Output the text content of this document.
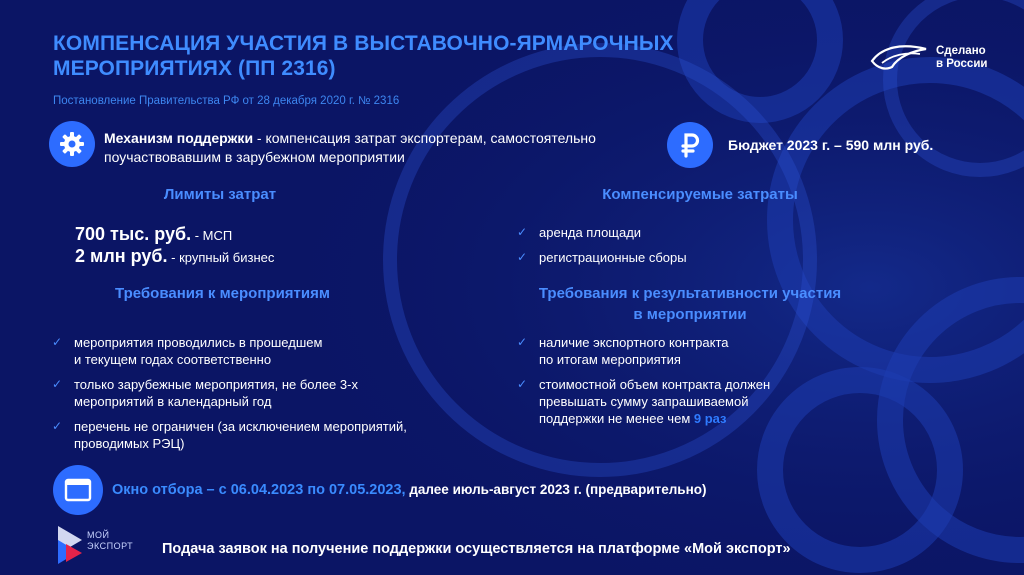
КОМПЕНСАЦИЯ УЧАСТИЯ В ВЫСТАВОЧНО-ЯРМАРОЧНЫХ МЕРОПРИЯТИЯХ (ПП 2316)
Постановление Правительства РФ от 28 декабря 2020 г. № 2316
Сделано
в России
Механизм поддержки - компенсация затрат экспортерам, самостоятельно поучаствовавшим в зарубежном мероприятии
Бюджет 2023 г. – 590 млн руб.
Лимиты затрат
700 тыс. руб. - МСП
2 млн руб. - крупный бизнес
Компенсируемые затраты
✓ аренда площади
✓ регистрационные сборы
Требования к мероприятиям
✓ мероприятия проводились в прошедшем
и текущем годах соответственно
✓ только зарубежные мероприятия, не более 3-х
мероприятий в календарный год
✓ перечень не ограничен (за исключением мероприятий,
проводимых РЭЦ)
Требования к результативности участия
в мероприятии
✓ наличие экспортного контракта
по итогам мероприятия
✓ стоимостной объем контракта должен
превышать сумму запрашиваемой
поддержки не менее чем 9 раз
Окно отбора – с 06.04.2023 по 07.05.2023, далее июль-август 2023 г. (предварительно)
МОЙ
ЭКСПОРТ Подача заявок на получение поддержки осуществляется на платформе «Мой экспорт»
